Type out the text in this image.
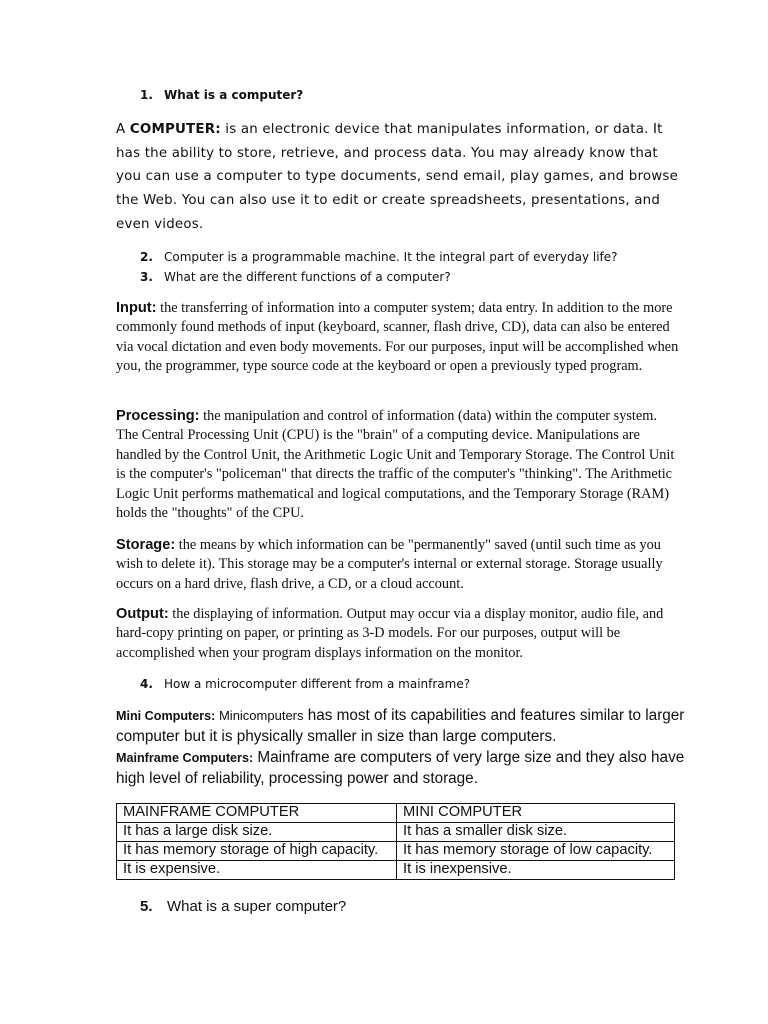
1. What is a computer?
A COMPUTER: is an electronic device that manipulates information, or data. It has the ability to store, retrieve, and process data. You may already know that you can use a computer to type documents, send email, play games, and browse the Web. You can also use it to edit or create spreadsheets, presentations, and even videos.
2. Computer is a programmable machine. It the integral part of everyday life?
3. What are the different functions of a computer?
Input: the transferring of information into a computer system; data entry. In addition to the more commonly found methods of input (keyboard, scanner, flash drive, CD), data can also be entered via vocal dictation and even body movements. For our purposes, input will be accomplished when you, the programmer, type source code at the keyboard or open a previously typed program.
Processing: the manipulation and control of information (data) within the computer system. The Central Processing Unit (CPU) is the "brain" of a computing device. Manipulations are handled by the Control Unit, the Arithmetic Logic Unit and Temporary Storage. The Control Unit is the computer's "policeman" that directs the traffic of the computer's "thinking". The Arithmetic Logic Unit performs mathematical and logical computations, and the Temporary Storage (RAM) holds the "thoughts" of the CPU.
Storage: the means by which information can be "permanently" saved (until such time as you wish to delete it). This storage may be a computer's internal or external storage. Storage usually occurs on a hard drive, flash drive, a CD, or a cloud account.
Output: the displaying of information. Output may occur via a display monitor, audio file, and hard-copy printing on paper, or printing as 3-D models. For our purposes, output will be accomplished when your program displays information on the monitor.
4. How a microcomputer different from a mainframe?
Mini Computers: Minicomputers has most of its capabilities and features similar to larger computer but it is physically smaller in size than large computers.
Mainframe Computers: Mainframe are computers of very large size and they also have high level of reliability, processing power and storage.
MAINFRAME COMPUTER	MINI COMPUTER
It has a large disk size.	It has a smaller disk size.
It has memory storage of high capacity.	It has memory storage of low capacity.
It is expensive.	It is inexpensive.
5. What is a super computer?
